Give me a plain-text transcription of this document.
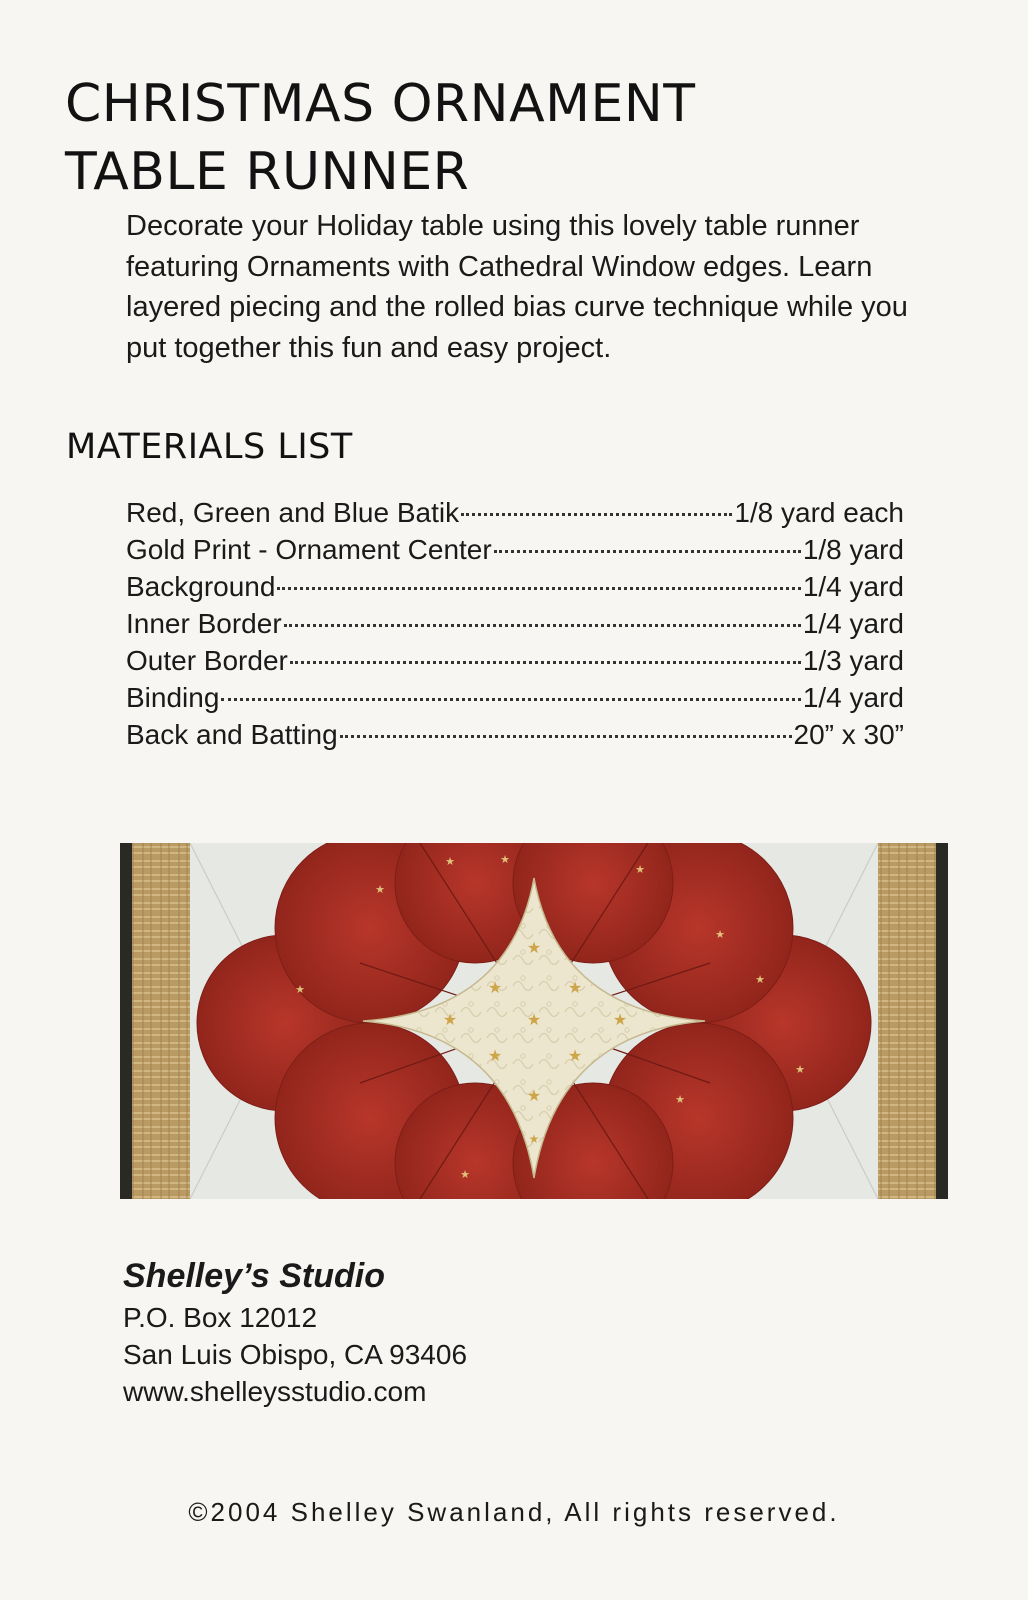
CHRISTMAS ORNAMENT
TABLE RUNNER

Decorate your Holiday table using this lovely table runner featuring Ornaments with Cathedral Window edges. Learn layered piecing and the rolled bias curve technique while you put together this fun and easy project.

MATERIALS LIST
Red, Green and Blue Batik	1/8 yard each
Gold Print - Ornament Center	1/8 yard
Background	1/4 yard
Inner Border	1/4 yard
Outer Border	1/3 yard
Binding	1/4 yard
Back and Batting	20” x 30”
★
★	★
★	★	★
★	★
★
★
★	★
★
★
★
★
★
★
★
★

Shelley’s Studio

P.O. Box 12012

San Luis Obispo, CA 93406

www.shelleysstudio.com

©2004 Shelley Swanland, All rights reserved.
